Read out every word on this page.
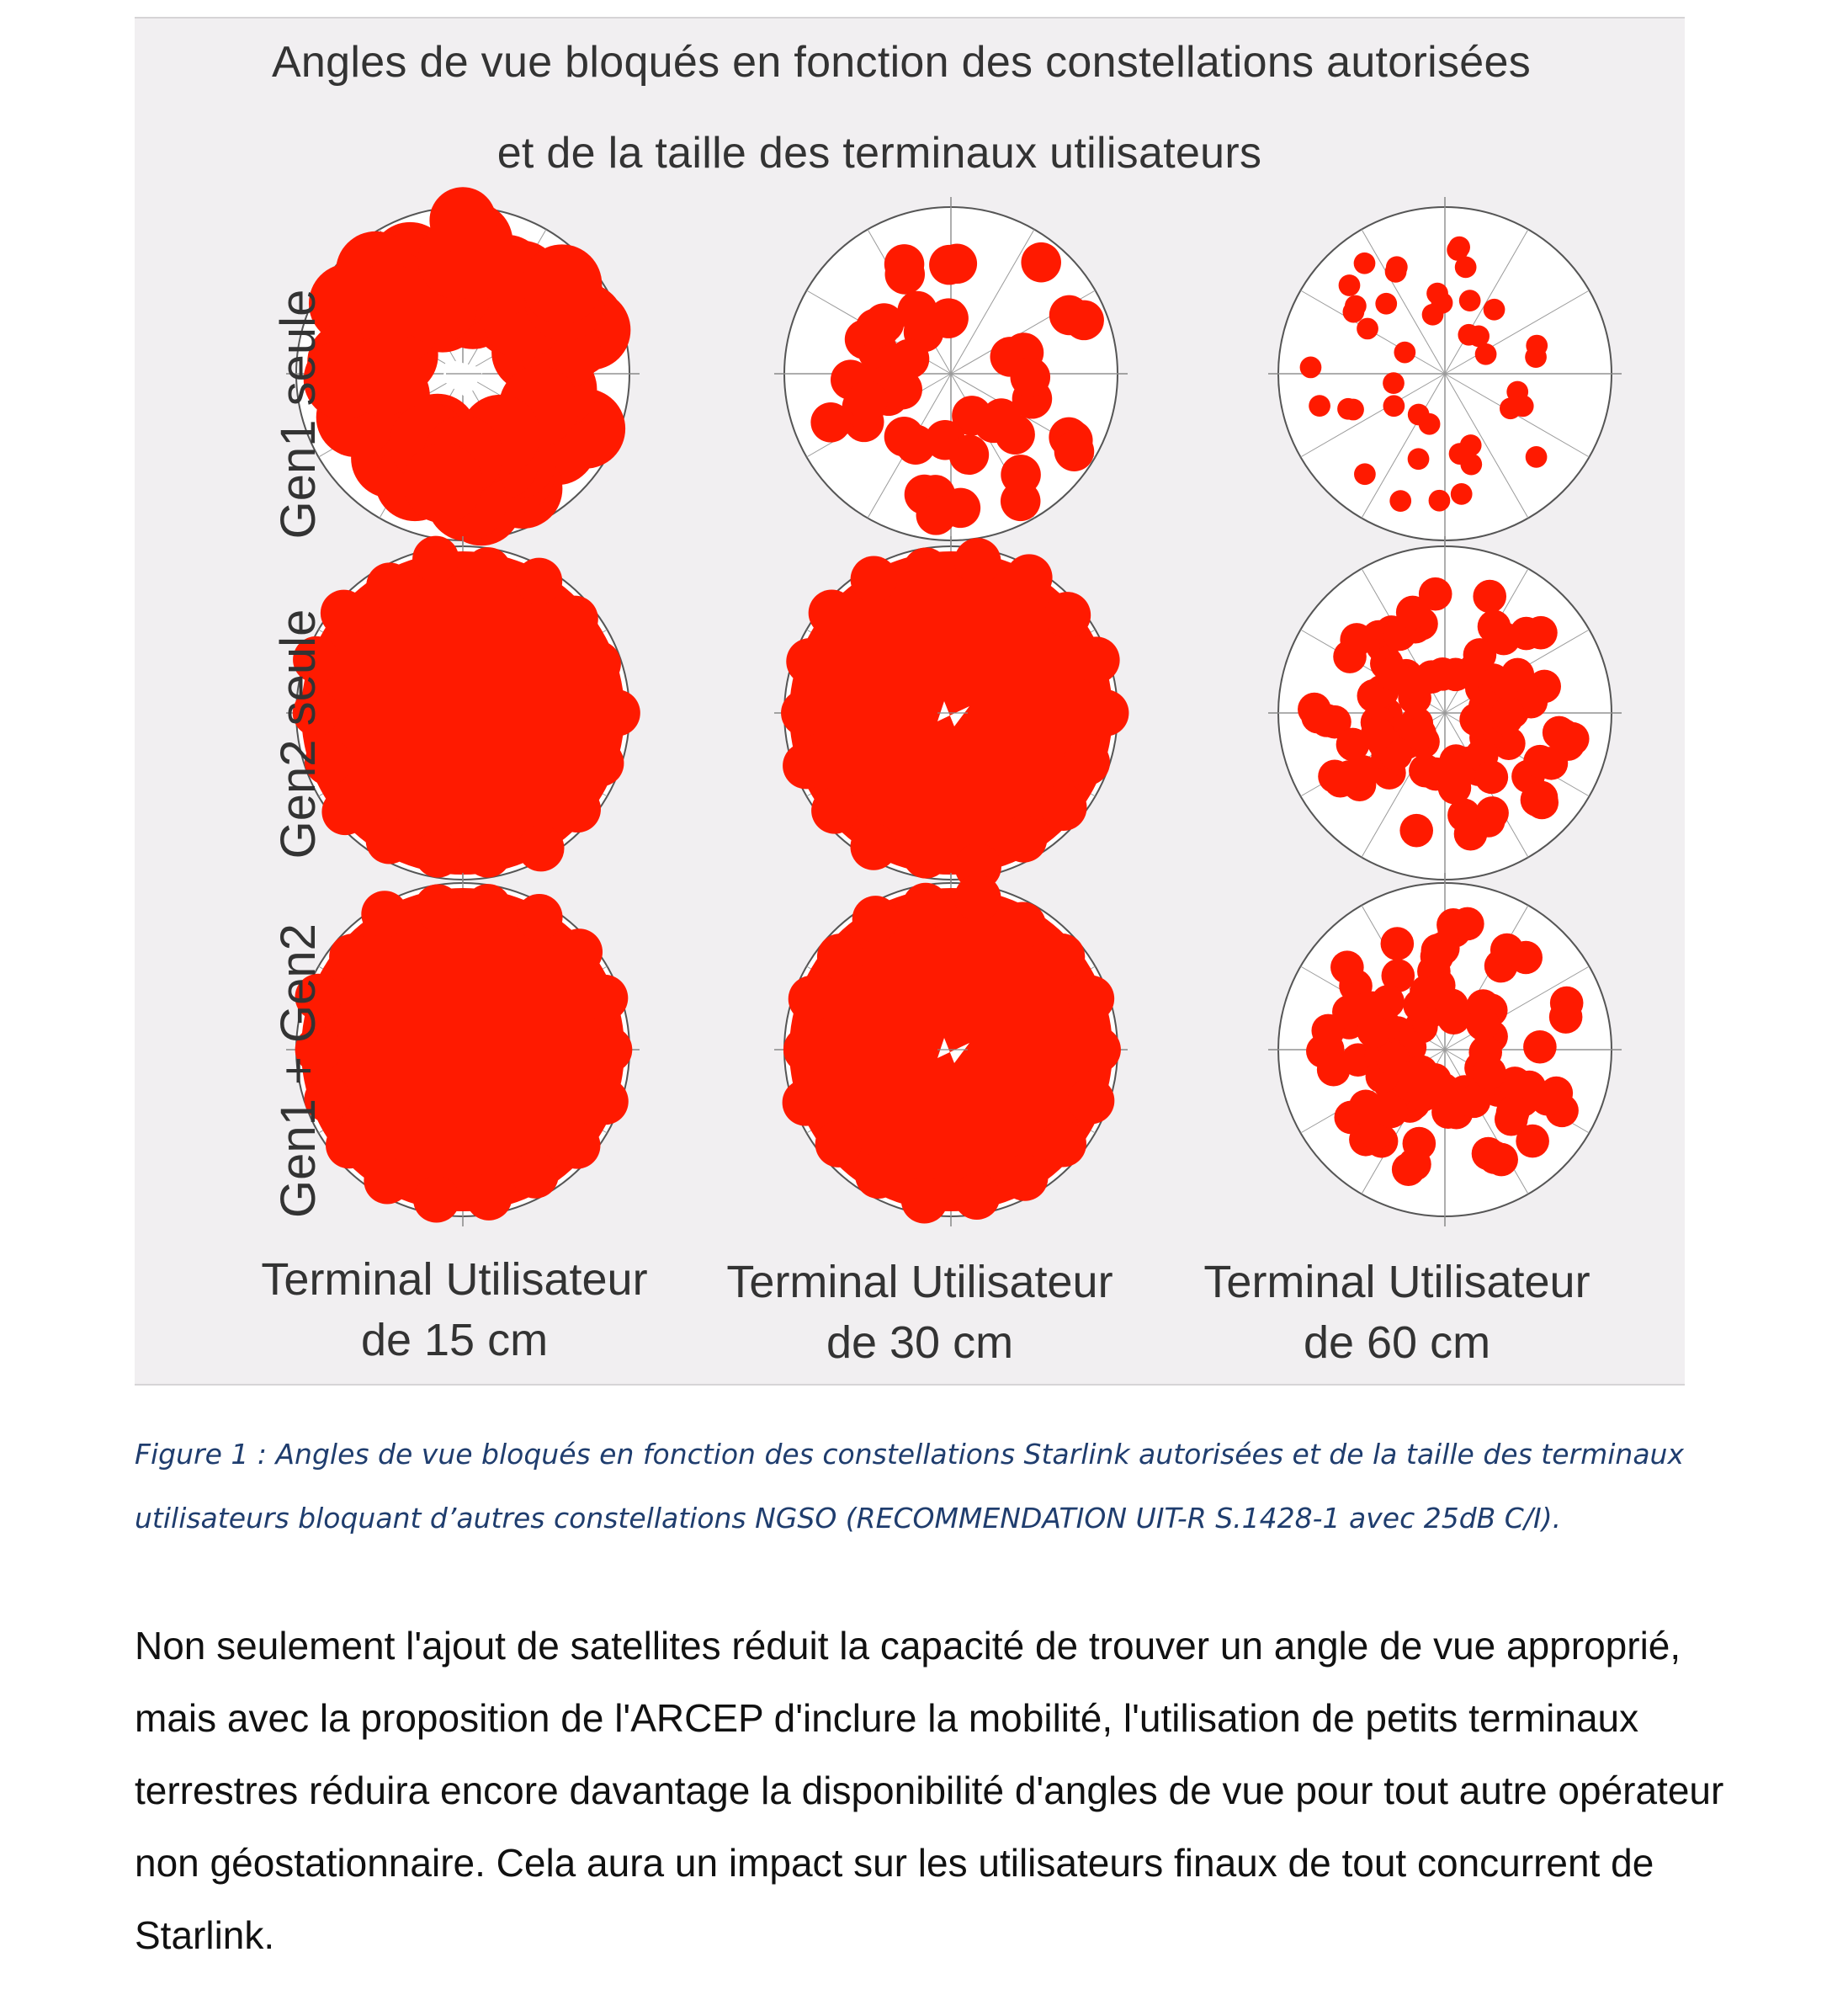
Angles de vue bloqués en fonction des constellations autorisées
et de la taille des terminaux utilisateurs
Gen1 seule
Gen2 seule
Gen1 + Gen2
Terminal Utilisateur
de 15 cm
Terminal Utilisateur
de 30 cm
Terminal Utilisateur
de 60 cm
Figure 1 : Angles de vue bloqués en fonction des constellations Starlink autorisées et de la taille des terminaux
utilisateurs bloquant d’autres constellations NGSO (RECOMMENDATION UIT-R S.1428-1 avec 25dB C/I).
Non seulement l'ajout de satellites réduit la capacité de trouver un angle de vue approprié, mais avec la proposition de l'ARCEP d'inclure la mobilité, l'utilisation de petits terminaux terrestres réduira encore davantage la disponibilité d'angles de vue pour tout autre opérateur non géostationnaire. Cela aura un impact sur les utilisateurs finaux de tout concurrent de Starlink.
